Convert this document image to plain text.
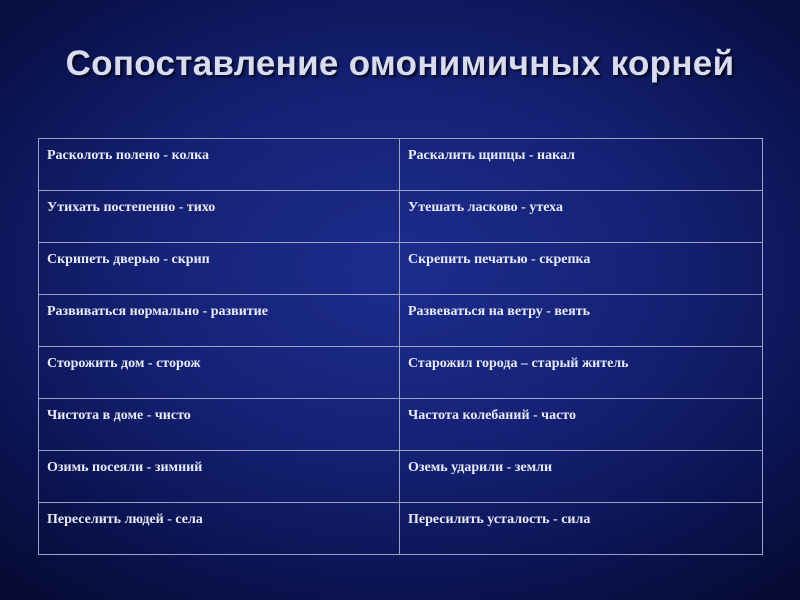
Сопоставление омонимичных корней
Расколоть полено - колка	Раскалить щипцы - накал

Утихать постепенно - тихо	Утешать ласково - утеха

Скрипеть дверью - скрип	Скрепить печатью - скрепка

Развиваться нормально - развитие	Развеваться на ветру - веять

Сторожить дом - сторож	Старожил города – старый житель

Чистота в доме - чисто	Частота колебаний - часто

Озимь посеяли - зимний	Оземь ударили - земли

Переселить людей - села	Пересилить усталость - сила
